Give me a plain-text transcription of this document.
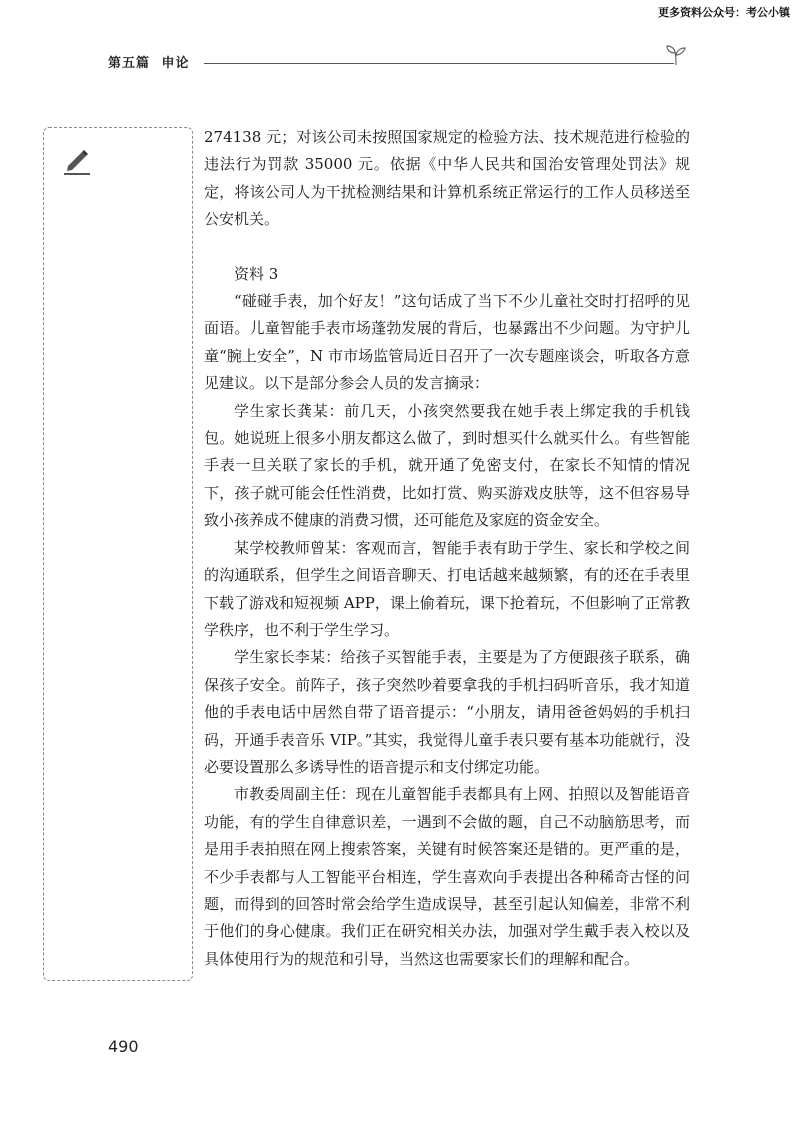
更多资料公众号：考公小镇
第五篇 申论

274138 元；对该公司未按照国家规定的检验方法、技术规范进行检验的违法行为罚款 35000 元。依据《中华人民共和国治安管理处罚法》规定，将该公司人为干扰检测结果和计算机系统正常运行的工作人员移送至公安机关。

资料 3

“碰碰手表，加个好友！”这句话成了当下不少儿童社交时打招呼的见面语。儿童智能手表市场蓬勃发展的背后，也暴露出不少问题。为守护儿童“腕上安全”，N 市市场监管局近日召开了一次专题座谈会，听取各方意见建议。以下是部分参会人员的发言摘录：

学生家长龚某：前几天，小孩突然要我在她手表上绑定我的手机钱包。她说班上很多小朋友都这么做了，到时想买什么就买什么。有些智能手表一旦关联了家长的手机，就开通了免密支付，在家长不知情的情况下，孩子就可能会任性消费，比如打赏、购买游戏皮肤等，这不但容易导致小孩养成不健康的消费习惯，还可能危及家庭的资金安全。

某学校教师曾某：客观而言，智能手表有助于学生、家长和学校之间的沟通联系，但学生之间语音聊天、打电话越来越频繁，有的还在手表里下载了游戏和短视频 APP，课上偷着玩，课下抢着玩，不但影响了正常教学秩序，也不利于学生学习。

学生家长李某：给孩子买智能手表，主要是为了方便跟孩子联系，确保孩子安全。前阵子，孩子突然吵着要拿我的手机扫码听音乐，我才知道他的手表电话中居然自带了语音提示：“小朋友，请用爸爸妈妈的手机扫码，开通手表音乐 VIP。”其实，我觉得儿童手表只要有基本功能就行，没必要设置那么多诱导性的语音提示和支付绑定功能。

市教委周副主任：现在儿童智能手表都具有上网、拍照以及智能语音功能，有的学生自律意识差，一遇到不会做的题，自己不动脑筋思考，而是用手表拍照在网上搜索答案，关键有时候答案还是错的。更严重的是，不少手表都与人工智能平台相连，学生喜欢向手表提出各种稀奇古怪的问题，而得到的回答时常会给学生造成误导，甚至引起认知偏差，非常不利于他们的身心健康。我们正在研究相关办法，加强对学生戴手表入校以及具体使用行为的规范和引导，当然这也需要家长们的理解和配合。

490
